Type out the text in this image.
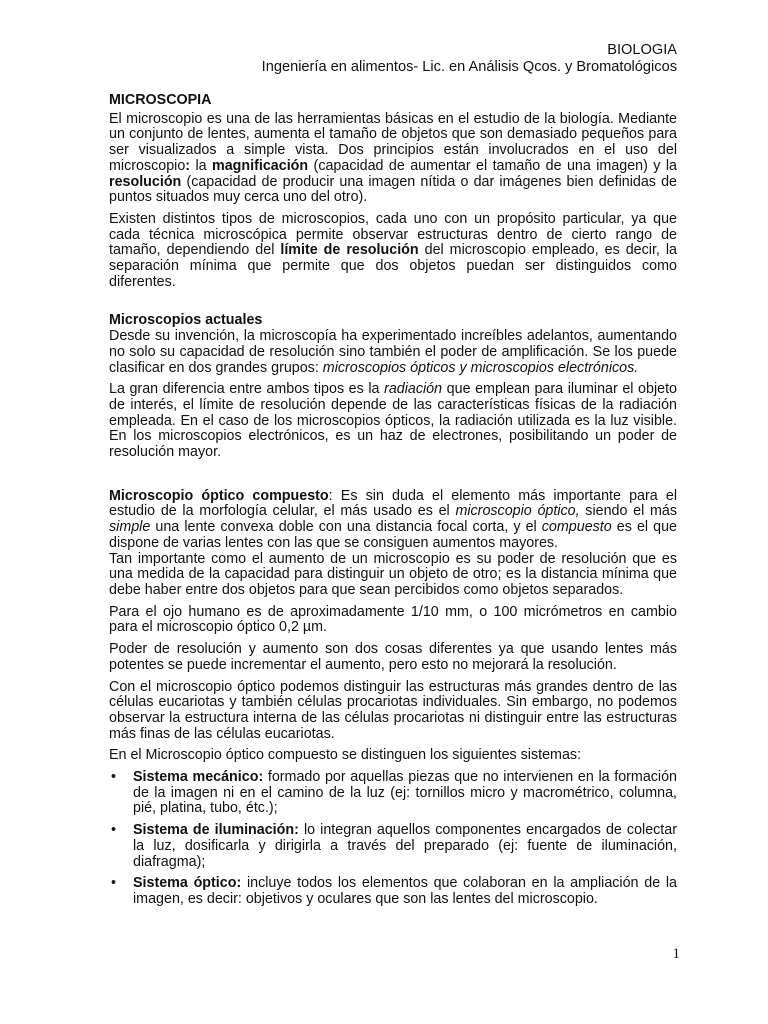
BIOLOGIA
Ingeniería en alimentos- Lic. en Análisis Qcos. y Bromatológicos

MICROSCOPIA

El microscopio es una de las herramientas básicas en el estudio de la biología. Mediante un conjunto de lentes, aumenta el tamaño de objetos que son demasiado pequeños para ser visualizados a simple vista. Dos principios están involucrados en el uso del microscopio: la magnificación (capacidad de aumentar el tamaño de una imagen) y la resolución (capacidad de producir una imagen nítida o dar imágenes bien definidas de puntos situados muy cerca uno del otro).

Existen distintos tipos de microscopios, cada uno con un propósito particular, ya que cada técnica microscópica permite observar estructuras dentro de cierto rango de tamaño, dependiendo del límite de resolución del microscopio empleado, es decir, la separación mínima que permite que dos objetos puedan ser distinguidos como diferentes.

Microscopios actuales

Desde su invención, la microscopía ha experimentado increíbles adelantos, aumentando no solo su capacidad de resolución sino también el poder de amplificación. Se los puede clasificar en dos grandes grupos: microscopios ópticos y microscopios electrónicos.

La gran diferencia entre ambos tipos es la radiación que emplean para iluminar el objeto de interés, el límite de resolución depende de las características físicas de la radiación empleada. En el caso de los microscopios ópticos, la radiación utilizada es la luz visible. En los microscopios electrónicos, es un haz de electrones, posibilitando un poder de resolución mayor.

Microscopio óptico compuesto: Es sin duda el elemento más importante para el estudio de la morfología celular, el más usado es el microscopio óptico, siendo el más simple una lente convexa doble con una distancia focal corta, y el compuesto es el que dispone de varias lentes con las que se consiguen aumentos mayores.

Tan importante como el aumento de un microscopio es su poder de resolución que es una medida de la capacidad para distinguir un objeto de otro; es la distancia mínima que debe haber entre dos objetos para que sean percibidos como objetos separados.

Para el ojo humano es de aproximadamente 1/10 mm, o 100 micrómetros en cambio para el microscopio óptico 0,2 µm.

Poder de resolución y aumento son dos cosas diferentes ya que usando lentes más potentes se puede incrementar el aumento, pero esto no mejorará la resolución.

Con el microscopio óptico podemos distinguir las estructuras más grandes dentro de las células eucariotas y también células procariotas individuales. Sin embargo, no podemos observar la estructura interna de las células procariotas ni distinguir entre las estructuras más finas de las células eucariotas.

En el Microscopio óptico compuesto se distinguen los siguientes sistemas:

• Sistema mecánico: formado por aquellas piezas que no intervienen en la formación de la imagen ni en el camino de la luz (ej: tornillos micro y macrométrico, columna, pié, platina, tubo, étc.);
• Sistema de iluminación: lo integran aquellos componentes encargados de colectar la luz, dosificarla y dirigirla a través del preparado (ej: fuente de iluminación, diafragma);
• Sistema óptico: incluye todos los elementos que colaboran en la ampliación de la imagen, es decir: objetivos y oculares que son las lentes del microscopio.
1
